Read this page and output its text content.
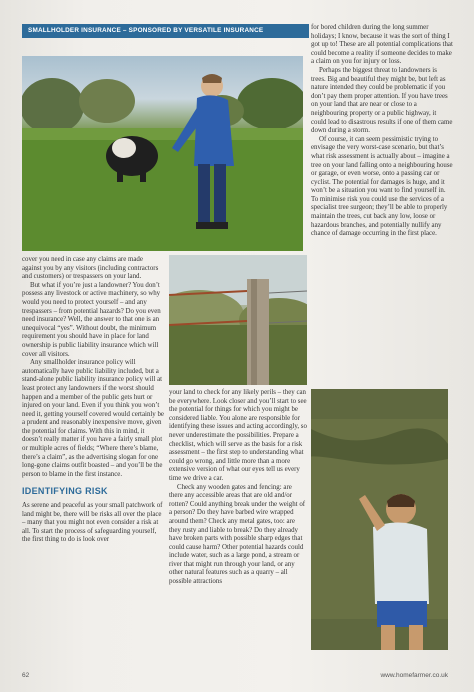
SMALLHOLDER INSURANCE – SPONSORED BY VERSATILE INSURANCE

cover you need in case any claims are made against you by any visitors (including contractors and customers) or trespassers on your land.

But what if you’re just a landowner? You don’t possess any livestock or active machinery, so why would you need to protect yourself – and any trespassers – from potential hazards? Do you even need insurance? Well, the answer to that one is an unequivocal “yes”. Without doubt, the minimum requirement you should have in place for land ownership is public liability insurance which will cover all visitors.

Any smallholder insurance policy will automatically have public liability included, but a stand-alone public liability insurance policy will at least protect any landowners if the worst should happen and a member of the public gets hurt or injured on your land. Even if you think you won’t need it, getting yourself covered would certainly be a prudent and reasonably inexpensive move, given the potential for claims. With this in mind, it doesn’t really matter if you have a fairly small plot or multiple acres of fields; “Where there’s blame, there’s a claim”, as the advertising slogan for one long-gone claims outfit boasted – and you’ll be the person to blame in the first instance.

IDENTIFYING RISK

As serene and peaceful as your small patchwork of land might be, there will be risks all over the place – many that you might not even consider a risk at all. To start the process of safeguarding yourself, the first thing to do is look over

your land to check for any likely perils – they can be everywhere. Look closer and you’ll start to see the potential for things for which you might be considered liable. You alone are responsible for identifying these issues and acting accordingly, so never underestimate the possibilities. Prepare a checklist, which will serve as the basis for a risk assessment – the first step to understanding what could go wrong, and little more than a more extensive version of what our eyes tell us every time we drive a car.

Check any wooden gates and fencing: are there any accessible areas that are old and/or rotten? Could anything break under the weight of a person? Do they have barbed wire wrapped around them? Check any metal gates, too: are they rusty and liable to break? Do they already have broken parts with possible sharp edges that could cause harm? Other potential hazards could include water, such as a large pond, a stream or river that might run through your land, or any other natural features such as a quarry – all possible attractions

for bored children during the long summer holidays; I know, because it was the sort of thing I got up to! These are all potential complications that could become a reality if someone decides to make a claim on you for injury or loss.

Perhaps the biggest threat to landowners is trees. Big and beautiful they might be, but left as nature intended they could be problematic if you don’t pay them proper attention. If you have trees on your land that are near or close to a neighbouring property or a public highway, it could lead to disastrous results if one of them came down during a storm.

Of course, it can seem pessimistic trying to envisage the very worst-case scenario, but that’s what risk assessment is actually about – imagine a tree on your land falling onto a neighbouring house or garage, or even worse, onto a passing car or cyclist. The potential for damages is huge, and it won’t be a situation you want to find yourself in. To minimise risk you could use the services of a specialist tree surgeon; they’ll be able to properly maintain the trees, cut back any low, loose or hazardous branches, and potentially nullify any chance of damage occurring in the first place.

62	www.homefarmer.co.uk
